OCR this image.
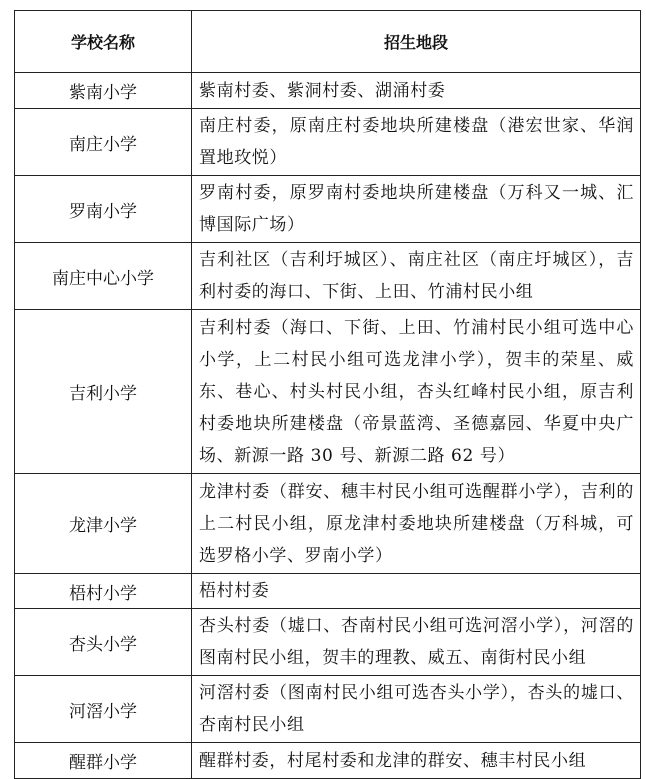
学校名称	招生地段
紫南小学	紫南村委、紫洞村委、湖涌村委
南庄小学	南庄村委，原南庄村委地块所建楼盘（港宏世家、华润置地玫悦）
罗南小学	罗南村委，原罗南村委地块所建楼盘（万科又一城、汇博国际广场）
南庄中心小学	吉利社区（吉利圩城区）、南庄社区（南庄圩城区），吉利村委的海口、下街、上田、竹浦村民小组
吉利小学	吉利村委（海口、下街、上田、竹浦村民小组可选中心小学，上二村民小组可选龙津小学），贺丰的荣星、威东、巷心、村头村民小组，杏头红峰村民小组，原吉利村委地块所建楼盘（帝景蓝湾、圣德嘉园、华夏中央广场、新源一路 30 号、新源二路 62 号）
龙津小学	龙津村委（群安、穗丰村民小组可选醒群小学），吉利的上二村民小组，原龙津村委地块所建楼盘（万科城，可选罗格小学、罗南小学）
梧村小学	梧村村委
杏头小学	杏头村委（墟口、杏南村民小组可选河滘小学），河滘的图南村民小组，贺丰的理教、威五、南街村民小组
河滘小学	河滘村委（图南村民小组可选杏头小学），杏头的墟口、杏南村民小组
醒群小学	醒群村委，村尾村委和龙津的群安、穗丰村民小组
